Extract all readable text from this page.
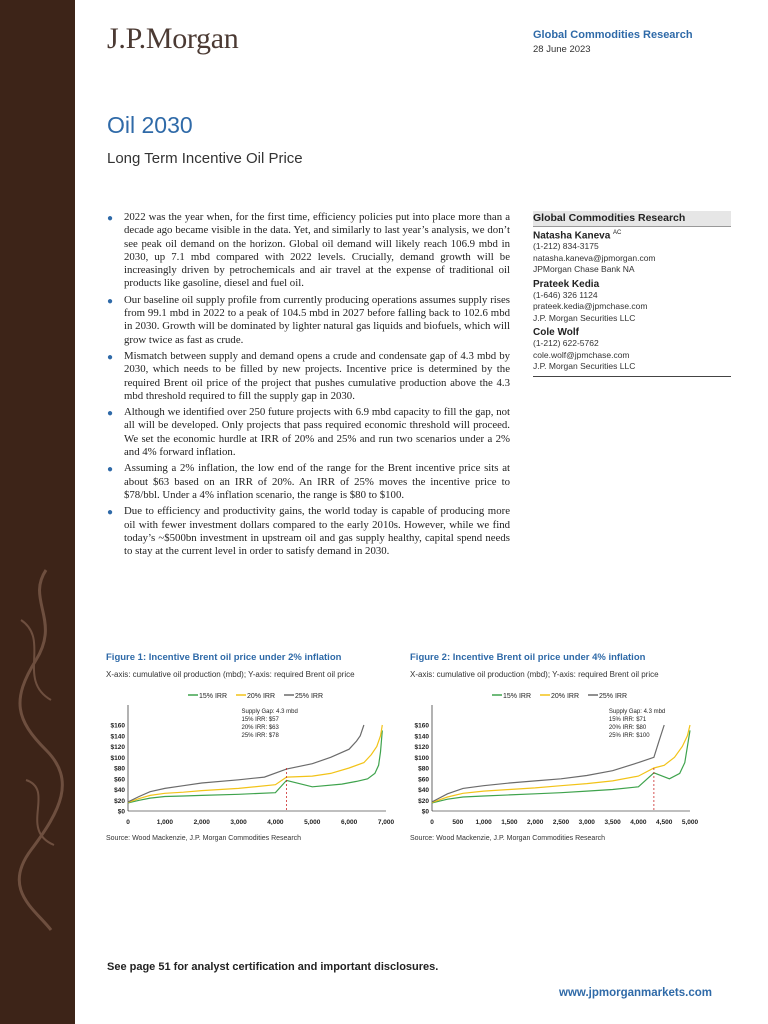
J.P.Morgan	Global Commodities Research
28 June 2023
Oil 2030
Long Term Incentive Oil Price
● 2022 was the year when, for the first time, efficiency policies put into place more than a decade ago became visible in the data. Yet, and similarly to last year’s analysis, we don’t see peak oil demand on the horizon. Global oil demand will likely reach 106.9 mbd in 2030, up 7.1 mbd compared with 2022 levels. Crucially, demand growth will be increasingly driven by petrochemicals and air travel at the expense of traditional oil products like gasoline, diesel and fuel oil.
● Our baseline oil supply profile from currently producing operations assumes supply rises from 99.1 mbd in 2022 to a peak of 104.5 mbd in 2027 before falling back to 102.6 mbd in 2030. Growth will be dominated by lighter natural gas liquids and biofuels, which will grow twice as fast as crude.
● Mismatch between supply and demand opens a crude and condensate gap of 4.3 mbd by 2030, which needs to be filled by new projects. Incentive price is determined by the required Brent oil price of the project that pushes cumulative production above the 4.3 mbd threshold required to fill the supply gap in 2030.
● Although we identified over 250 future projects with 6.9 mbd capacity to fill the gap, not all will be developed. Only projects that pass required economic threshold will proceed. We set the economic hurdle at IRR of 20% and 25% and run two scenarios under a 2% and 4% forward inflation.
● Assuming a 2% inflation, the low end of the range for the Brent incentive price sits at about $63 based on an IRR of 20%. An IRR of 25% moves the incentive price to $78/bbl. Under a 4% inflation scenario, the range is $80 to $100.
● Due to efficiency and productivity gains, the world today is capable of producing more oil with fewer investment dollars compared to the early 2010s. However, while we find today’s ~$500bn investment in upstream oil and gas supply healthy, capital spend needs to stay at the current level in order to satisfy demand in 2030.
Global Commodities Research
Natasha Kaneva $^{AC}$
(1-212) 834-3175
natasha.kaneva@jpmorgan.com
JPMorgan Chase Bank NA
Prateek Kedia
(1-646) 326 1124
prateek.kedia@jpmchase.com
J.P. Morgan Securities LLC
Cole Wolf
(1-212) 622-5762
cole.wolf@jpmchase.com
J.P. Morgan Securities LLC
Figure 1: Incentive Brent oil price under 2% inflation
X-axis: cumulative oil production (mbd); Y-axis: required Brent oil price
15% IRR	20% IRR	25% IRR
$0
$20
$40
$60
$80
$100
$120
$140
$160
0	1,000	2,000	3,000	4,000	5,000	6,000	7,000
Supply Gap: 4.3 mbd
15% IRR: $57
20% IRR: $63
25% IRR: $78
Source: Wood Mackenzie, J.P. Morgan Commodities Research
Figure 2: Incentive Brent oil price under 4% inflation
X-axis: cumulative oil production (mbd); Y-axis: required Brent oil price
15% IRR	20% IRR	25% IRR
$0
$20
$40
$60
$80
$100
$120
$140
$160
0	500 1,000 1,500 2,000 2,500 3,000 3,500 4,000 4,500 5,000
Supply Gap: 4.3 mbd
15% IRR: $71
20% IRR: $80
25% IRR: $100
Source: Wood Mackenzie, J.P. Morgan Commodities Research
See page 51 for analyst certification and important disclosures.
www.jpmorganmarkets.com
